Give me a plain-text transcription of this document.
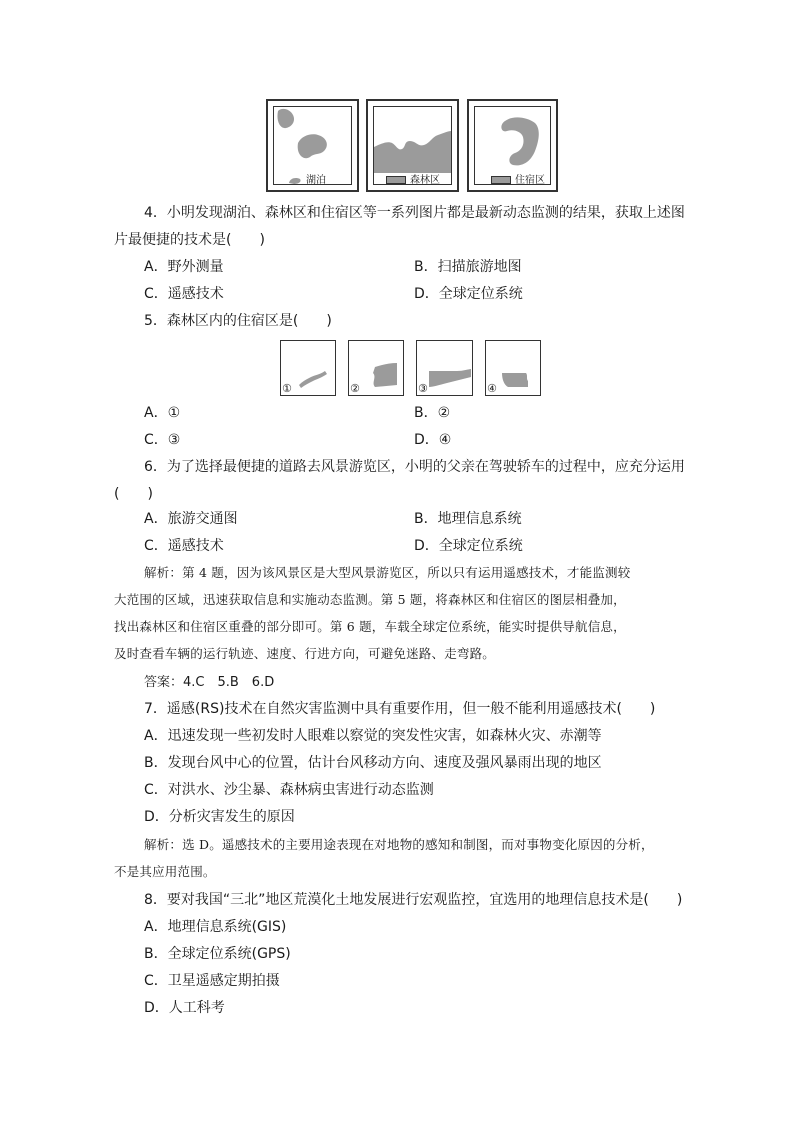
湖泊	森林区	住宿区
4．小明发现湖泊、森林区和住宿区等一系列图片都是最新动态监测的结果，获取上述图
片最便捷的技术是(　　)
A．野外测量	B．扫描旅游地图
C．遥感技术	D．全球定位系统
5．森林区内的住宿区是(　　)
①	②	③	④
A．①	B．②
C．③	D．④
6．为了选择最便捷的道路去风景游览区，小明的父亲在驾驶轿车的过程中，应充分运用
(　　)
A．旅游交通图	B．地理信息系统
C．遥感技术	D．全球定位系统
解析：第 4 题，因为该风景区是大型风景游览区，所以只有运用遥感技术，才能监测较
大范围的区域，迅速获取信息和实施动态监测。第 5 题，将森林区和住宿区的图层相叠加，
找出森林区和住宿区重叠的部分即可。第 6 题，车载全球定位系统，能实时提供导航信息，
及时查看车辆的运行轨迹、速度、行进方向，可避免迷路、走弯路。
答案：4.C　5.B　6.D
7．遥感(RS)技术在自然灾害监测中具有重要作用，但一般不能利用遥感技术(　　)
A．迅速发现一些初发时人眼难以察觉的突发性灾害，如森林火灾、赤潮等
B．发现台风中心的位置，估计台风移动方向、速度及强风暴雨出现的地区
C．对洪水、沙尘暴、森林病虫害进行动态监测
D．分析灾害发生的原因
解析：选 D。遥感技术的主要用途表现在对地物的感知和制图，而对事物变化原因的分析，
不是其应用范围。
8．要对我国“三北”地区荒漠化土地发展进行宏观监控，宜选用的地理信息技术是(　　)
A．地理信息系统(GIS)
B．全球定位系统(GPS)
C．卫星遥感定期拍摄
D．人工科考
